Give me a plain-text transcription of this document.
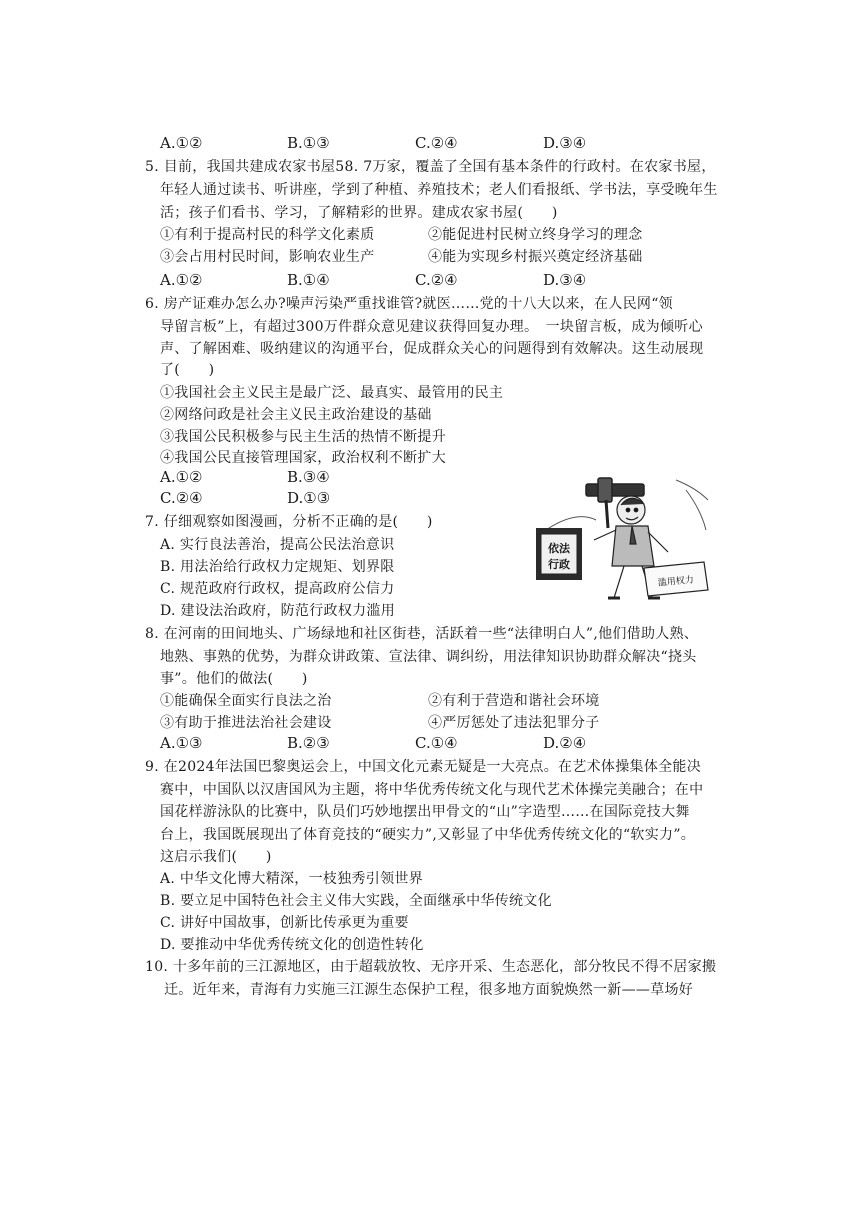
A.①②	B.①③	C.②④	D.③④
5. 目前，我国共建成农家书屋58. 7万家，覆盖了全国有基本条件的行政村。在农家书屋，
年轻人通过读书、听讲座，学到了种植、养殖技术；老人们看报纸、学书法，享受晚年生
活；孩子们看书、学习，了解精彩的世界。建成农家书屋(　　)
①有利于提高村民的科学文化素质	②能促进村民树立终身学习的理念
③会占用村民时间，影响农业生产	④能为实现乡村振兴奠定经济基础
A.①②	B.①④	C.②④	D.③④
6. 房产证难办怎么办?噪声污染严重找谁管?就医……党的十八大以来，在人民网“领
导留言板”上，有超过300万件群众意见建议获得回复办理。　一块留言板，成为倾听心
声、了解困难、吸纳建议的沟通平台，促成群众关心的问题得到有效解决。这生动展现
了(　　)
①我国社会主义民主是最广泛、最真实、最管用的民主
②网络问政是社会主义民主政治建设的基础
③我国公民积极参与民主生活的热情不断提升
④我国公民直接管理国家，政治权利不断扩大
A.①②	B.③④
C.②④	D.①③
7. 仔细观察如图漫画，分析不正确的是(　　)
A. 实行良法善治，提高公民法治意识
B. 用法治给行政权力定规矩、划界限
C. 规范政府行政权，提高政府公信力
D. 建设法治政府，防范行政权力滥用
依法
行政
滥用权力
8. 在河南的田间地头、广场绿地和社区街巷，活跃着一些“法律明白人”,他们借助人熟、
地熟、事熟的优势，为群众讲政策、宣法律、调纠纷，用法律知识协助群众解决“挠头
事”。他们的做法(　　)
①能确保全面实行良法之治	②有利于营造和谐社会环境
③有助于推进法治社会建设	④严厉惩处了违法犯罪分子
A.①③	B.②③	C.①④	D.②④
9. 在2024年法国巴黎奥运会上，中国文化元素无疑是一大亮点。在艺术体操集体全能决
赛中，中国队以汉唐国风为主题，将中华优秀传统文化与现代艺术体操完美融合；在中
国花样游泳队的比赛中，队员们巧妙地摆出甲骨文的“山”字造型……在国际竞技大舞
台上，我国既展现出了体育竞技的“硬实力”,又彰显了中华优秀传统文化的“软实力”。
这启示我们(　　)
A. 中华文化博大精深，一枝独秀引领世界
B. 要立足中国特色社会主义伟大实践，全面继承中华传统文化
C. 讲好中国故事，创新比传承更为重要
D. 要推动中华优秀传统文化的创造性转化
10. 十多年前的三江源地区，由于超载放牧、无序开采、生态恶化，部分牧民不得不居家搬
迁。近年来，青海有力实施三江源生态保护工程，很多地方面貌焕然一新——草场好
